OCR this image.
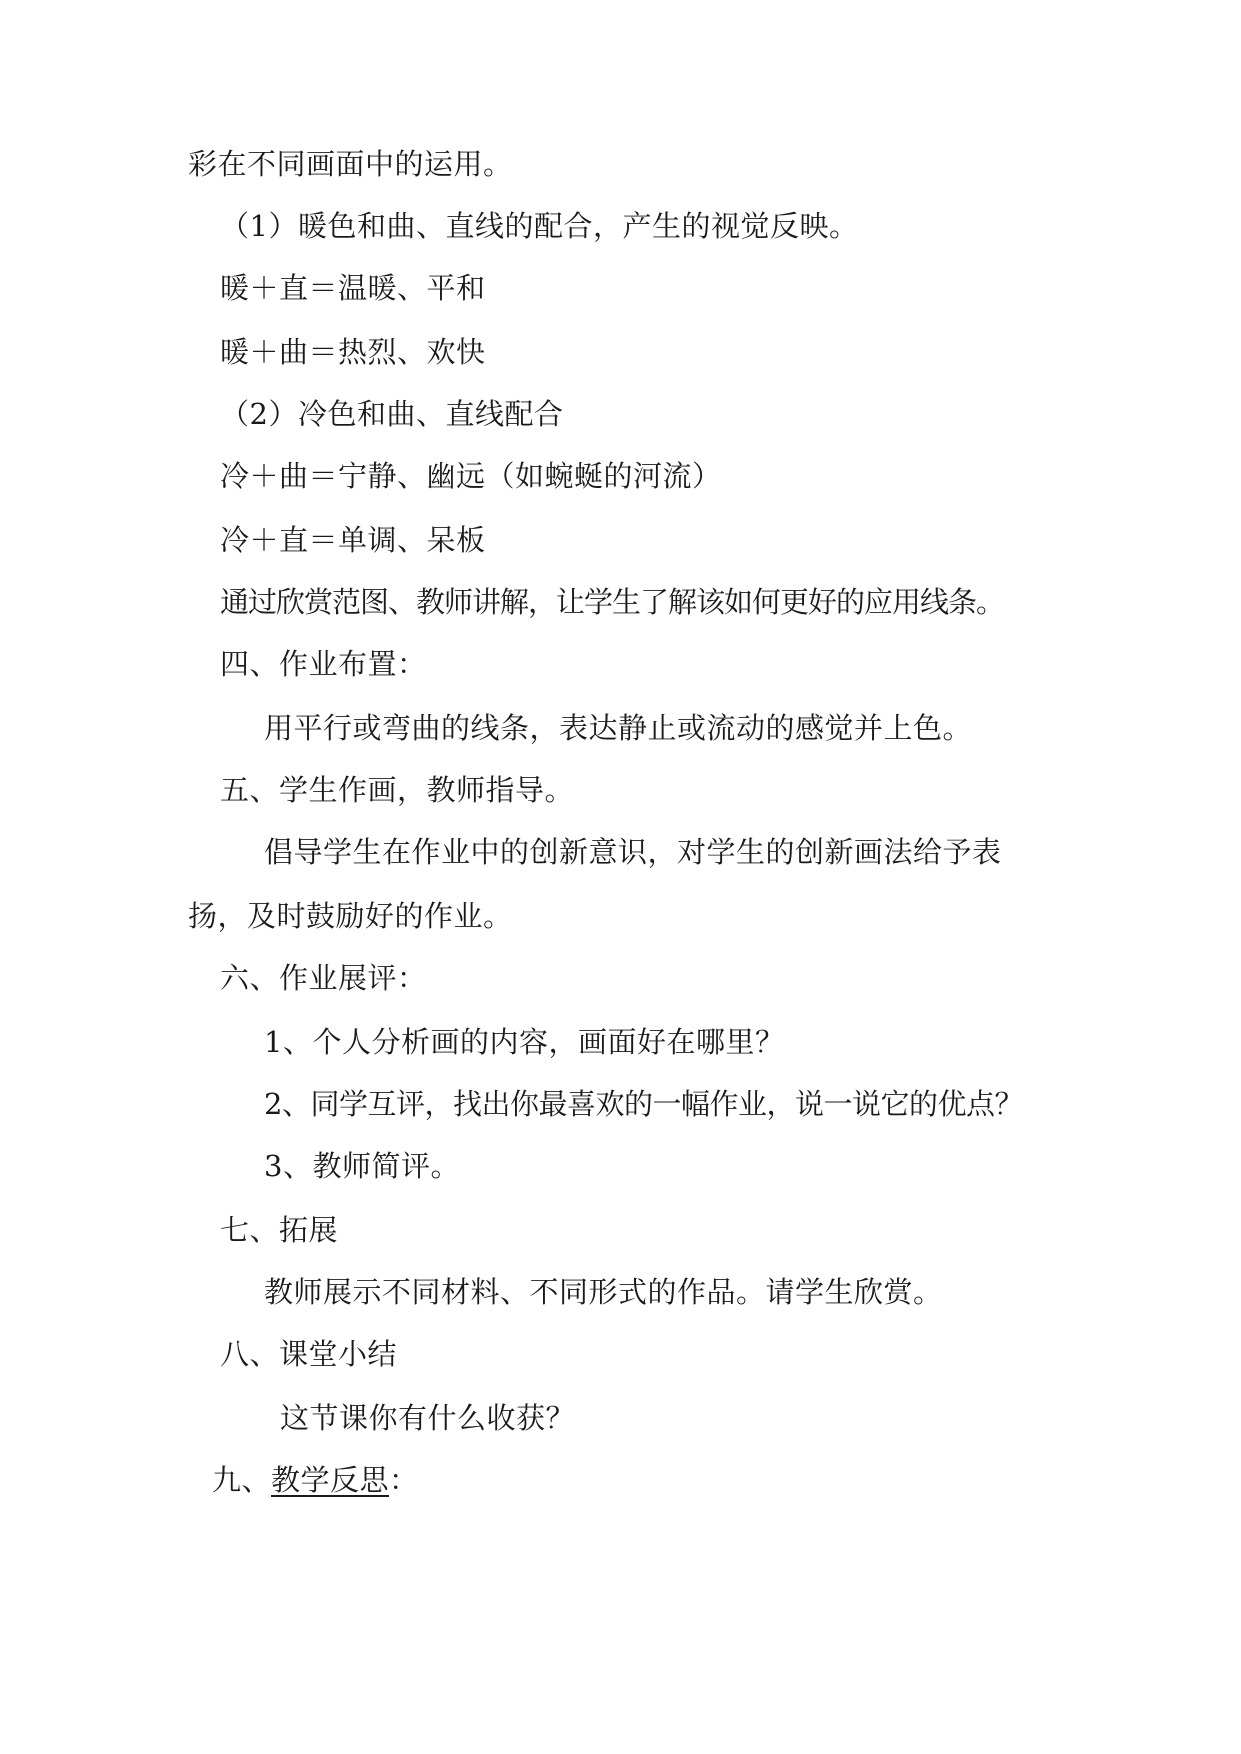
彩在不同画面中的运用。
（1）暖色和曲、直线的配合，产生的视觉反映。
暖＋直＝温暖、平和
暖＋曲＝热烈、欢快
（2）冷色和曲、直线配合
冷＋曲＝宁静、幽远（如蜿蜒的河流）
冷＋直＝单调、呆板
通过欣赏范图、教师讲解，让学生了解该如何更好的应用线条。
四、作业布置：
用平行或弯曲的线条，表达静止或流动的感觉并上色。
五、学生作画，教师指导。
倡导学生在作业中的创新意识，对学生的创新画法给予表
扬，及时鼓励好的作业。
六、作业展评：
1、个人分析画的内容，画面好在哪里？
2、同学互评，找出你最喜欢的一幅作业，说一说它的优点？
3、教师简评。
七、拓展
教师展示不同材料、不同形式的作品。请学生欣赏。
八、课堂小结
这节课你有什么收获？
九、教学反思：
